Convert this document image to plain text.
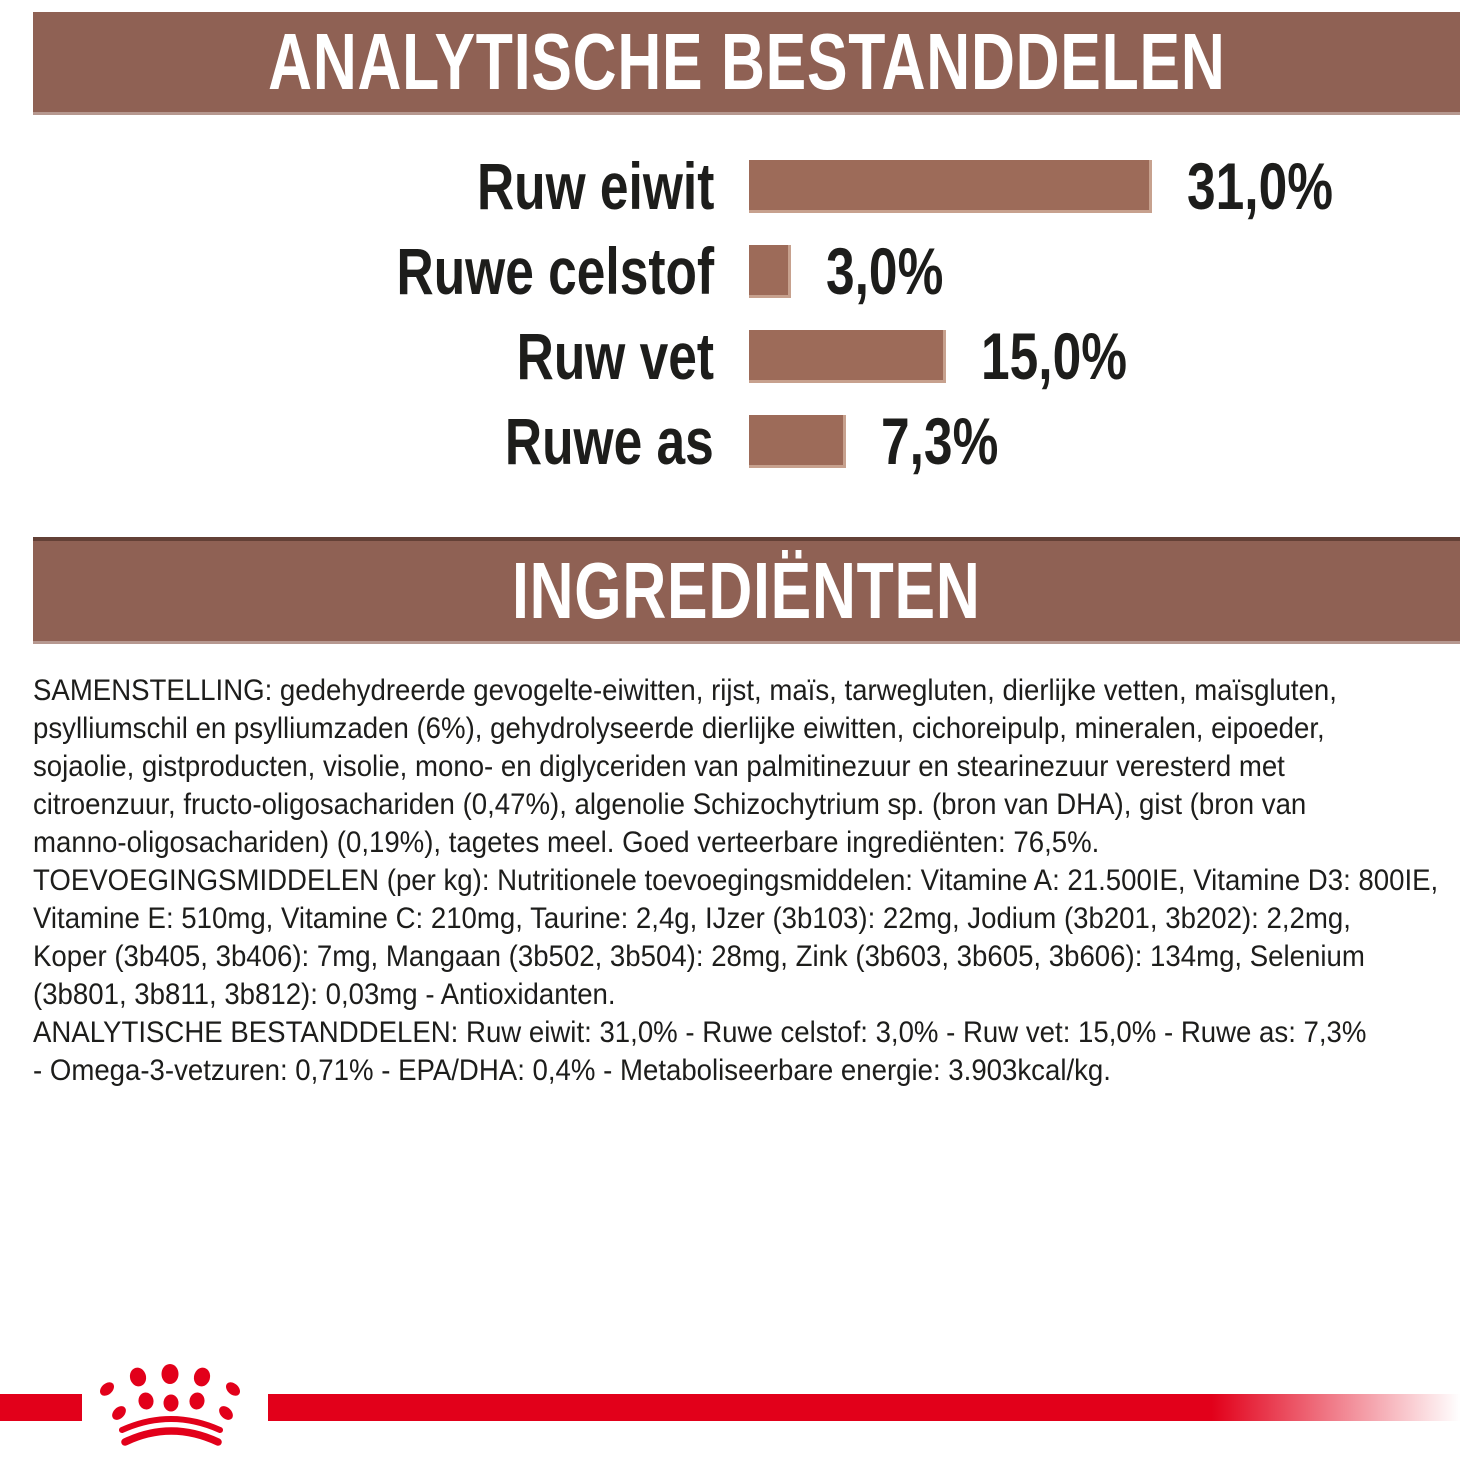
ANALYTISCHE BESTANDDELEN
Ruw eiwit	31,0%
Ruwe celstof 3,0%
Ruw vet	15,0%
Ruwe as	7,3%
INGREDIËNTEN
SAMENSTELLING: gedehydreerde gevogelte-eiwitten, rijst, maïs, tarwegluten, dierlijke vetten, maïsgluten,
psylliumschil en psylliumzaden (6%), gehydrolyseerde dierlijke eiwitten, cichoreipulp, mineralen, eipoeder,
sojaolie, gistproducten, visolie, mono- en diglyceriden van palmitinezuur en stearinezuur veresterd met
citroenzuur, fructo-oligosachariden (0,47%), algenolie Schizochytrium sp. (bron van DHA), gist (bron van
manno-oligosachariden) (0,19%), tagetes meel. Goed verteerbare ingrediënten: 76,5%.
TOEVOEGINGSMIDDELEN (per kg): Nutritionele toevoegingsmiddelen: Vitamine A: 21.500IE, Vitamine D3: 800IE,
Vitamine E: 510mg, Vitamine C: 210mg, Taurine: 2,4g, IJzer (3b103): 22mg, Jodium (3b201, 3b202): 2,2mg,
Koper (3b405, 3b406): 7mg, Mangaan (3b502, 3b504): 28mg, Zink (3b603, 3b605, 3b606): 134mg, Selenium
(3b801, 3b811, 3b812): 0,03mg - Antioxidanten.
ANALYTISCHE BESTANDDELEN: Ruw eiwit: 31,0% - Ruwe celstof: 3,0% - Ruw vet: 15,0% - Ruwe as: 7,3%
- Omega-3-vetzuren: 0,71% - EPA/DHA: 0,4% - Metaboliseerbare energie: 3.903kcal/kg.
